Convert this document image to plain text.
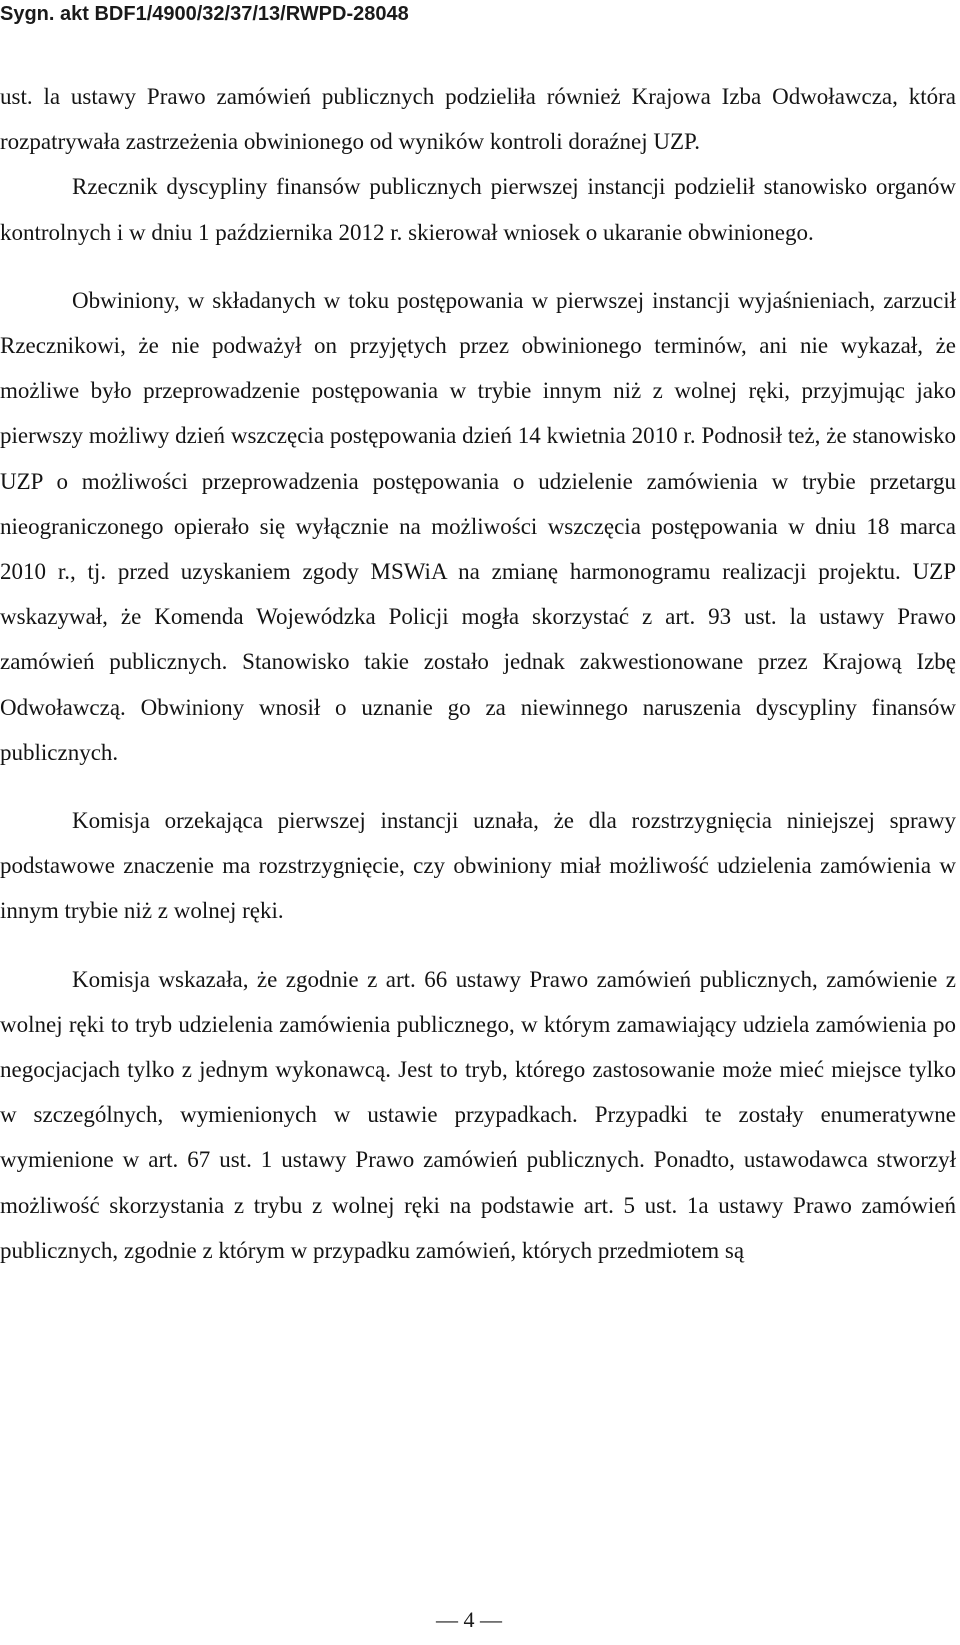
Sygn. akt BDF1/4900/32/37/13/RWPD-28048

ust. la ustawy Prawo zamówień publicznych podzieliła również Krajowa Izba Odwoławcza, która rozpatrywała zastrzeżenia obwinionego od wyników kontroli doraźnej UZP.

Rzecznik dyscypliny finansów publicznych pierwszej instancji podzielił stanowisko organów kontrolnych i w dniu 1 października 2012 r. skierował wniosek o ukaranie obwinionego.

Obwiniony, w składanych w toku postępowania w pierwszej instancji wyjaśnieniach, zarzucił Rzecznikowi, że nie podważył on przyjętych przez obwinionego terminów, ani nie wykazał, że możliwe było przeprowadzenie postępowania w trybie innym niż z wolnej ręki, przyjmując jako pierwszy możliwy dzień wszczęcia postępowania dzień 14 kwietnia 2010 r. Podnosił też, że stanowisko UZP o możliwości przeprowadzenia postępowania o udzielenie zamówienia w trybie przetargu nieograniczonego opierało się wyłącznie na możliwości wszczęcia postępowania w dniu 18 marca 2010 r., tj. przed uzyskaniem zgody MSWiA na zmianę harmonogramu realizacji projektu. UZP wskazywał, że Komenda Wojewódzka Policji mogła skorzystać z art. 93 ust. la ustawy Prawo zamówień publicznych. Stanowisko takie zostało jednak zakwestionowane przez Krajową Izbę Odwoławczą. Obwiniony wnosił o uznanie go za niewinnego naruszenia dyscypliny finansów publicznych.

Komisja orzekająca pierwszej instancji uznała, że dla rozstrzygnięcia niniejszej sprawy podstawowe znaczenie ma rozstrzygnięcie, czy obwiniony miał możliwość udzielenia zamówienia w innym trybie niż z wolnej ręki.

Komisja wskazała, że zgodnie z art. 66 ustawy Prawo zamówień publicznych, zamówienie z wolnej ręki to tryb udzielenia zamówienia publicznego, w którym zamawiający udziela zamówienia po negocjacjach tylko z jednym wykonawcą. Jest to tryb, którego zastosowanie może mieć miejsce tylko w szczególnych, wymienionych w ustawie przypadkach. Przypadki te zostały enumeratywne wymienione w art. 67 ust. 1 ustawy Prawo zamówień publicznych. Ponadto, ustawodawca stworzył możliwość skorzystania z trybu z wolnej ręki na podstawie art. 5 ust. 1a ustawy Prawo zamówień publicznych, zgodnie z którym w przypadku zamówień, których przedmiotem są

— 4 —
